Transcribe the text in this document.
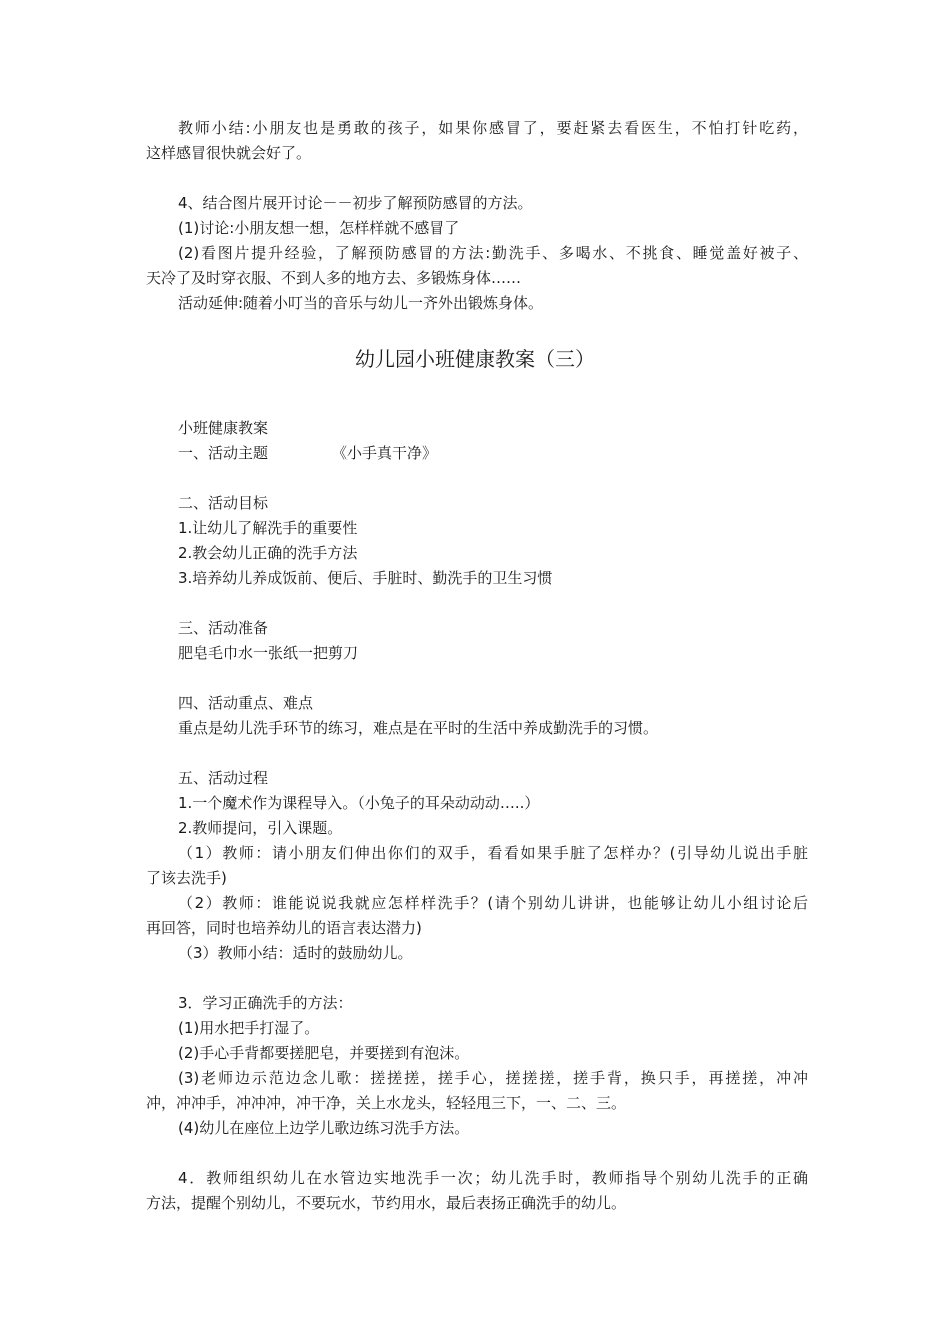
教师小结:小朋友也是勇敢的孩子，如果你感冒了，要赶紧去看医生，不怕打针吃药，
这样感冒很快就会好了。
4、结合图片展开讨论－－初步了解预防感冒的方法。
(1)讨论:小朋友想一想，怎样样就不感冒了
(2)看图片提升经验，了解预防感冒的方法:勤洗手、多喝水、不挑食、睡觉盖好被子、
天冷了及时穿衣服、不到人多的地方去、多锻炼身体……
活动延伸:随着小叮当的音乐与幼儿一齐外出锻炼身体。
幼儿园小班健康教案（三）
小班健康教案
一、活动主题	《小手真干净》
二、活动目标
1.让幼儿了解洗手的重要性
2.教会幼儿正确的洗手方法
3.培养幼儿养成饭前、便后、手脏时、勤洗手的卫生习惯
三、活动准备
肥皂毛巾水一张纸一把剪刀
四、活动重点、难点
重点是幼儿洗手环节的练习，难点是在平时的生活中养成勤洗手的习惯。
五、活动过程
1.一个魔术作为课程导入。（小兔子的耳朵动动动…..）
2.教师提问，引入课题。
（1）教师：请小朋友们伸出你们的双手，看看如果手脏了怎样办？(引导幼儿说出手脏
了该去洗手)
（2）教师：谁能说说我就应怎样样洗手？(请个别幼儿讲讲，也能够让幼儿小组讨论后
再回答，同时也培养幼儿的语言表达潜力)
（3）教师小结：适时的鼓励幼儿。
3．学习正确洗手的方法：
(1)用水把手打湿了。
(2)手心手背都要搓肥皂，并要搓到有泡沫。
(3)老师边示范边念儿歌：搓搓搓，搓手心，搓搓搓，搓手背，换只手，再搓搓，冲冲
冲，冲冲手，冲冲冲，冲干净，关上水龙头，轻轻甩三下，一、二、三。
(4)幼儿在座位上边学儿歌边练习洗手方法。
4．教师组织幼儿在水管边实地洗手一次；幼儿洗手时，教师指导个别幼儿洗手的正确
方法，提醒个别幼儿，不要玩水，节约用水，最后表扬正确洗手的幼儿。
